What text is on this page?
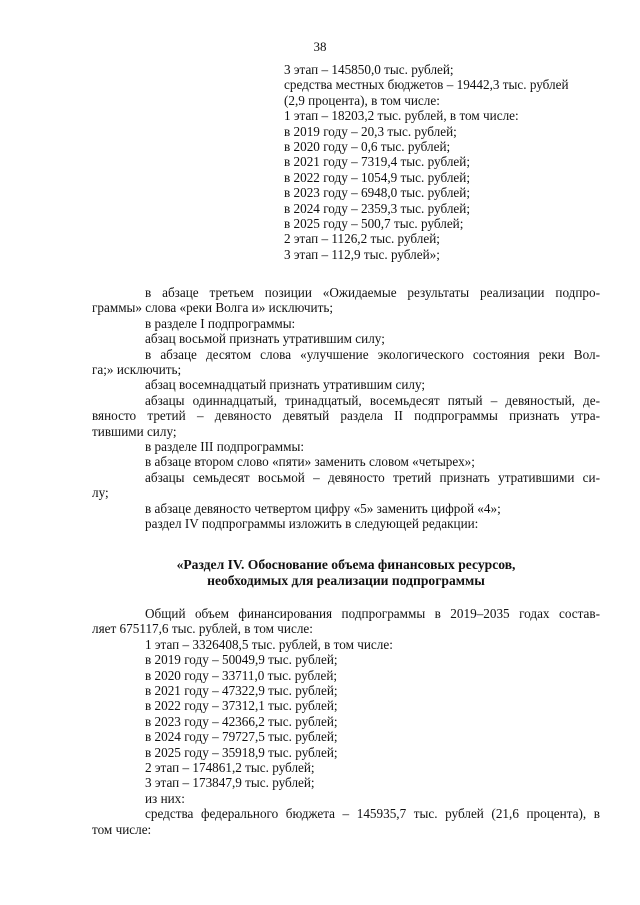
38
3 этап – 145850,0 тыс. рублей;
средства местных бюджетов – 19442,3 тыс. рублей
(2,9 процента), в том числе:
1 этап – 18203,2 тыс. рублей, в том числе:
в 2019 году – 20,3 тыс. рублей;
в 2020 году – 0,6 тыс. рублей;
в 2021 году – 7319,4 тыс. рублей;
в 2022 году – 1054,9 тыс. рублей;
в 2023 году – 6948,0 тыс. рублей;
в 2024 году – 2359,3 тыс. рублей;
в 2025 году – 500,7 тыс. рублей;
2 этап – 1126,2 тыс. рублей;
3 этап – 112,9 тыс. рублей»;
в абзаце третьем позиции «Ожидаемые результаты реализации подпро-
граммы» слова «реки Волга и» исключить;
в разделе I подпрограммы:
абзац восьмой признать утратившим силу;
в абзаце десятом слова «улучшение экологического состояния реки Вол-
га;» исключить;
абзац восемнадцатый признать утратившим силу;
абзацы одиннадцатый, тринадцатый, восемьдесят пятый – девяностый, де-
вяносто третий – девяносто девятый раздела II подпрограммы признать утра-
тившими силу;
в разделе III подпрограммы:
в абзаце втором слово «пяти» заменить словом «четырех»;
абзацы семьдесят восьмой – девяносто третий признать утратившими си-
лу;
в абзаце девяносто четвертом цифру «5» заменить цифрой «4»;
раздел IV подпрограммы изложить в следующей редакции:
«Раздел IV. Обоснование объема финансовых ресурсов,
необходимых для реализации подпрограммы
Общий объем финансирования подпрограммы в 2019–2035 годах состав-
ляет 675117,6 тыс. рублей, в том числе:
1 этап – 3326408,5 тыс. рублей, в том числе:
в 2019 году – 50049,9 тыс. рублей;
в 2020 году – 33711,0 тыс. рублей;
в 2021 году – 47322,9 тыс. рублей;
в 2022 году – 37312,1 тыс. рублей;
в 2023 году – 42366,2 тыс. рублей;
в 2024 году – 79727,5 тыс. рублей;
в 2025 году – 35918,9 тыс. рублей;
2 этап – 174861,2 тыс. рублей;
3 этап – 173847,9 тыс. рублей;
из них:
средства федерального бюджета – 145935,7 тыс. рублей (21,6 процента), в
том числе:
